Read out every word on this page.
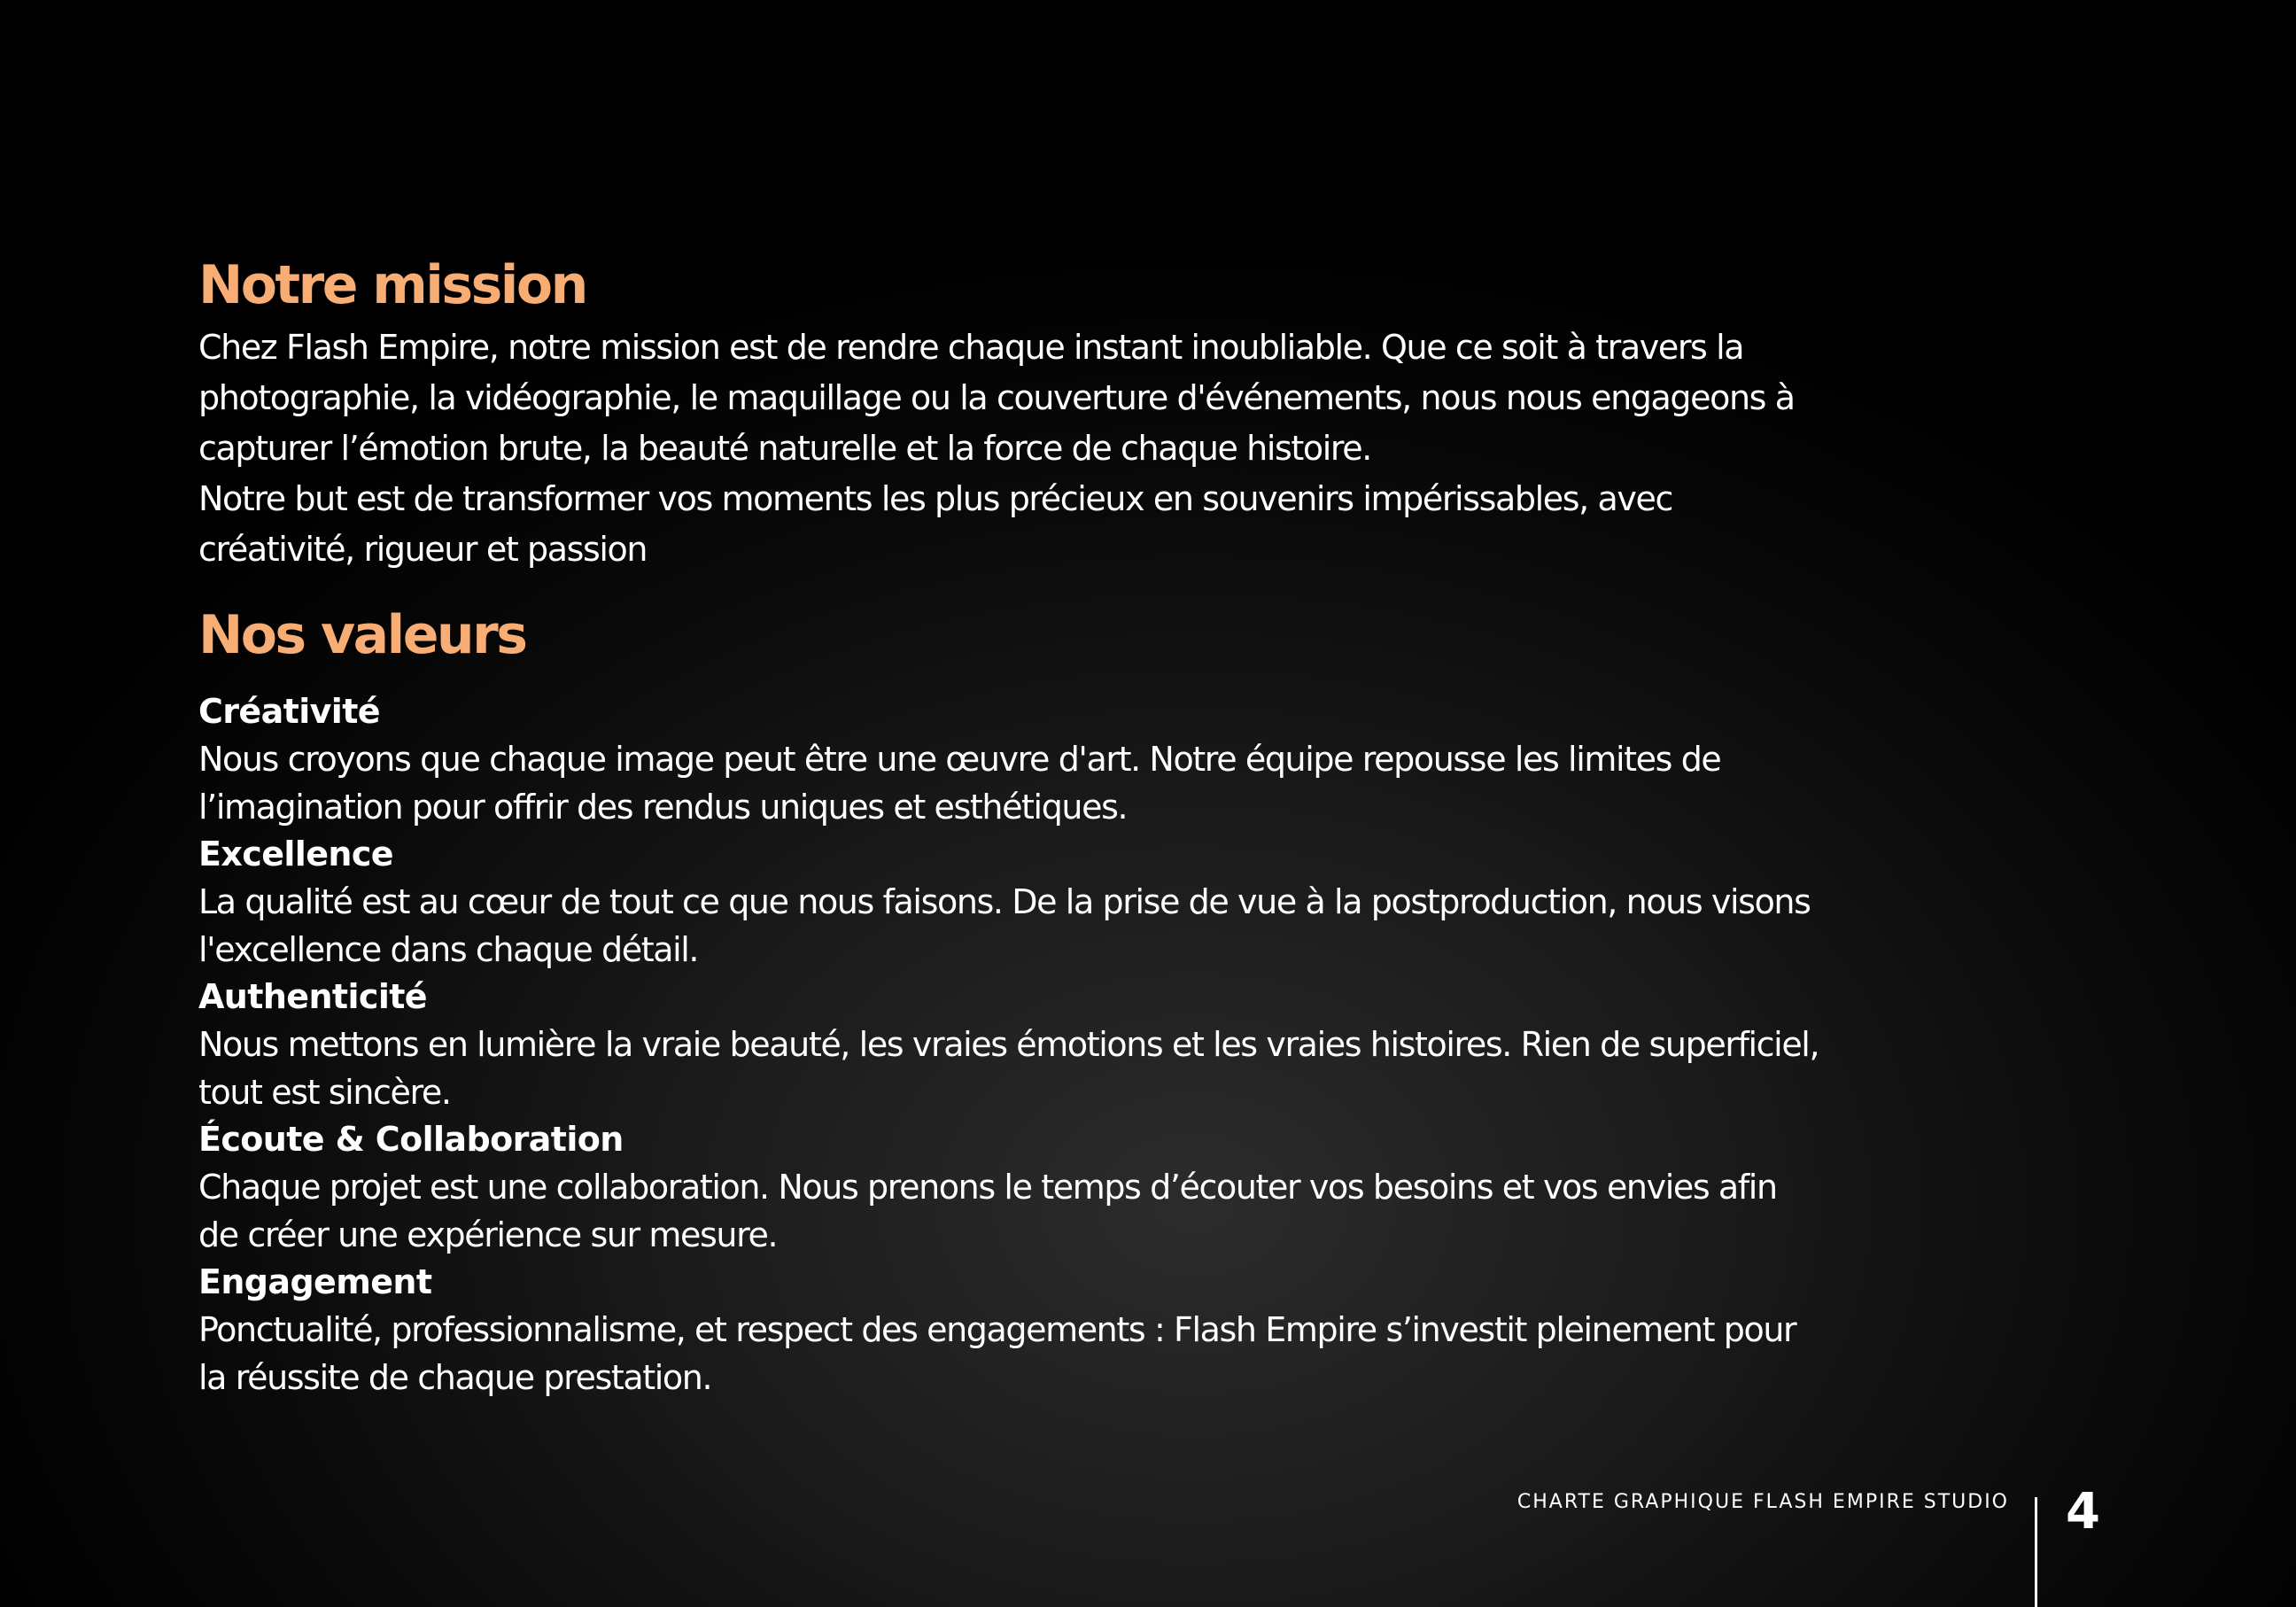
Notre mission

Chez Flash Empire, notre mission est de rendre chaque instant inoubliable. Que ce soit à travers la
photographie, la vidéographie, le maquillage ou la couverture d'événements, nous nous engageons à
capturer l’émotion brute, la beauté naturelle et la force de chaque histoire.
Notre but est de transformer vos moments les plus précieux en souvenirs impérissables, avec
créativité, rigueur et passion

Nos valeurs
Créativité

Nous croyons que chaque image peut être une œuvre d'art. Notre équipe repousse les limites de
l’imagination pour offrir des rendus uniques et esthétiques.

Excellence

La qualité est au cœur de tout ce que nous faisons. De la prise de vue à la postproduction, nous visons
l'excellence dans chaque détail.

Authenticité

Nous mettons en lumière la vraie beauté, les vraies émotions et les vraies histoires. Rien de superficiel,
tout est sincère.

Écoute & Collaboration

Chaque projet est une collaboration. Nous prenons le temps d’écouter vos besoins et vos envies afin
de créer une expérience sur mesure.

Engagement

Ponctualité, professionnalisme, et respect des engagements : Flash Empire s’investit pleinement pour
la réussite de chaque prestation.

CHARTE GRAPHIQUE FLASH EMPIRE STUDIO 4
